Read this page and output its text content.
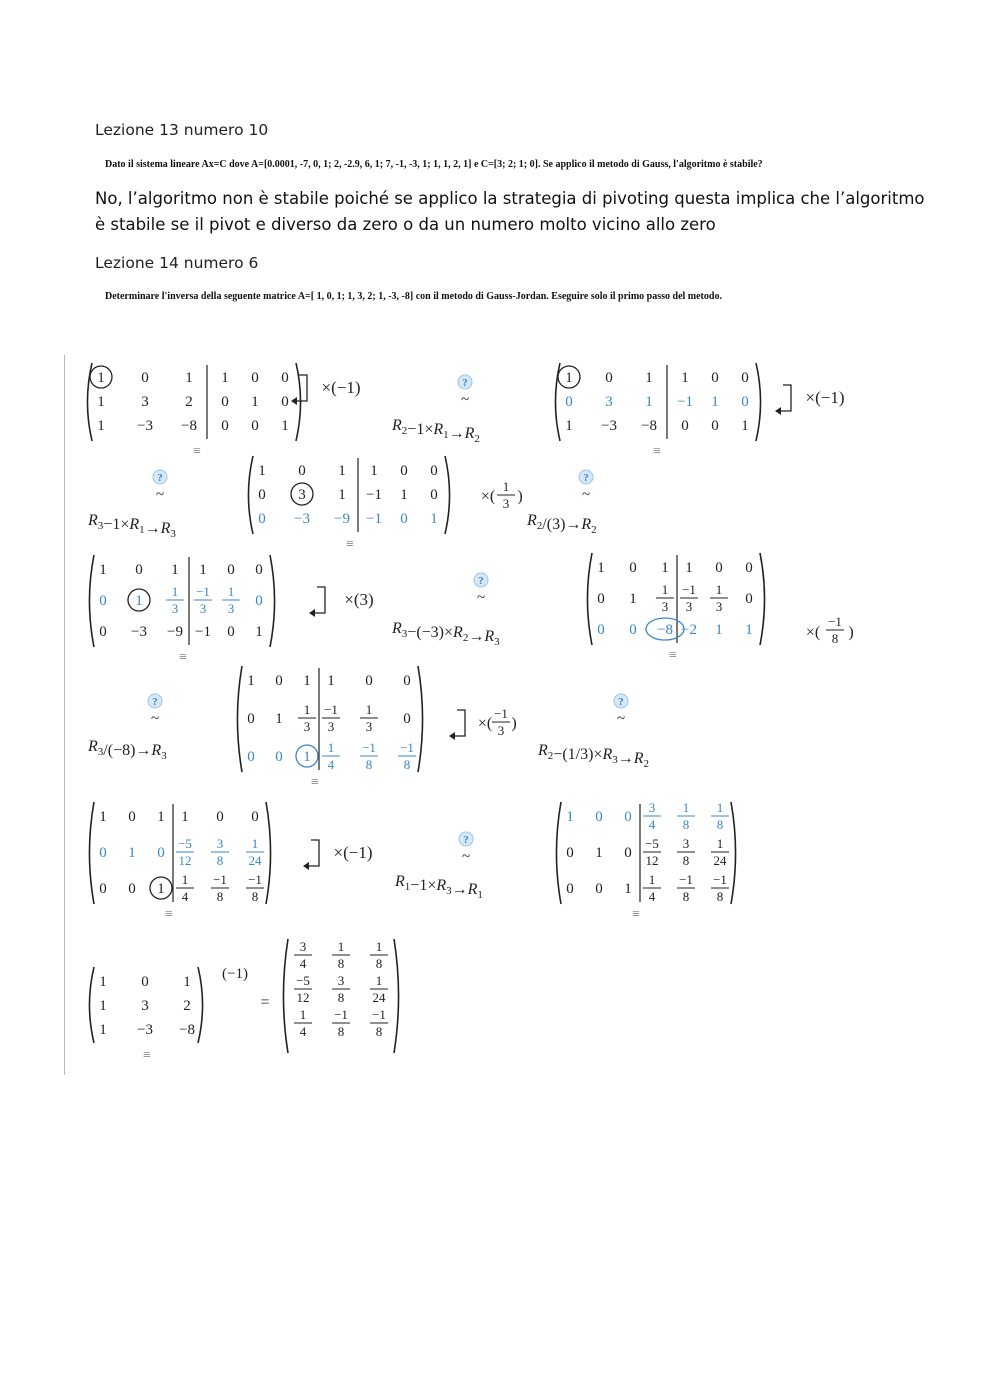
Lezione 13 numero 10
Dato il sistema lineare Ax=C dove A=[0.0001, -7, 0, 1; 2, -2.9, 6, 1; 7, -1, -3, 1; 1, 1, 2, 1] e C=[3; 2; 1; 0]. Se applico il metodo di Gauss, l'algoritmo è stabile?
No, l’algoritmo non è stabile poiché se applico la strategia di pivoting questa implica che l’algoritmo è stabile se il pivot e diverso da zero o da un numero molto vicino allo zero
Lezione 14 numero 6
Determinare l'inversa della seguente matrice A=[ 1, 0, 1; 1, 3, 2; 1, -3, -8] con il metodo di Gauss-Jordan. Eseguire solo il primo passo del metodo.
1 0 1 1 0 0
1 3 2 0 1 0
1 −3 −8 0 0 1
≡
×(−1)	?
~
$R_2-1\times R_1\to R_2$
1 0 1 1 0 0
0 3 1 −1 1 0
1 −3 −8 0 0 1
≡
×(−1)
?
~
$R_3-1\times R_1\to R_3$
1 0 1 1 0 0
0 3 1 −1 1 0
0 −3 −9 −1 0 1
≡
×(
1
3 )
?
~
$R_2/(3)\to R_2$
1 0 1 1 0 0
0 1
1
3
−1
3
1
3 0
0 −3 −9 −1 0 1
≡
×(3)
?
~
$R_3-(-3)\times R_2\to R_3$
1 0 1 1 0 0
0 1
1
3
−1
3
1
3 0
0 0 −8 −2 1 1
≡
×(
−1
8 )
?
~
$R_3/(-8)\to R_3$
1 0 1 1 0 0
0 1
1
3
−1
3
1
3 0
0 0 1
1
4
−1
8
−1
8
≡
×(
−1
3 )
?
~
$R_2-(1/3)\times R_3\to R_2$
1 0 1 1 0 0
0 1 0
−5
12
3
8
1
24
0 0 1
1
4
−1
8
−1
8
≡
×(−1)
?
~
$R_1-1\times R_3\to R_1$
1 0 0
3
4
1
8
1
8
0 1 0
−5
12
3
8
1
24
0 0 1
1
4
−1
8
−1
8
≡
1 0 1
1 3 2
1 −3 −8
(−1)
≡
=
3
4
1
8
1
8
−5
12
3
8
1
24
1
4
−1
8
−1
8
